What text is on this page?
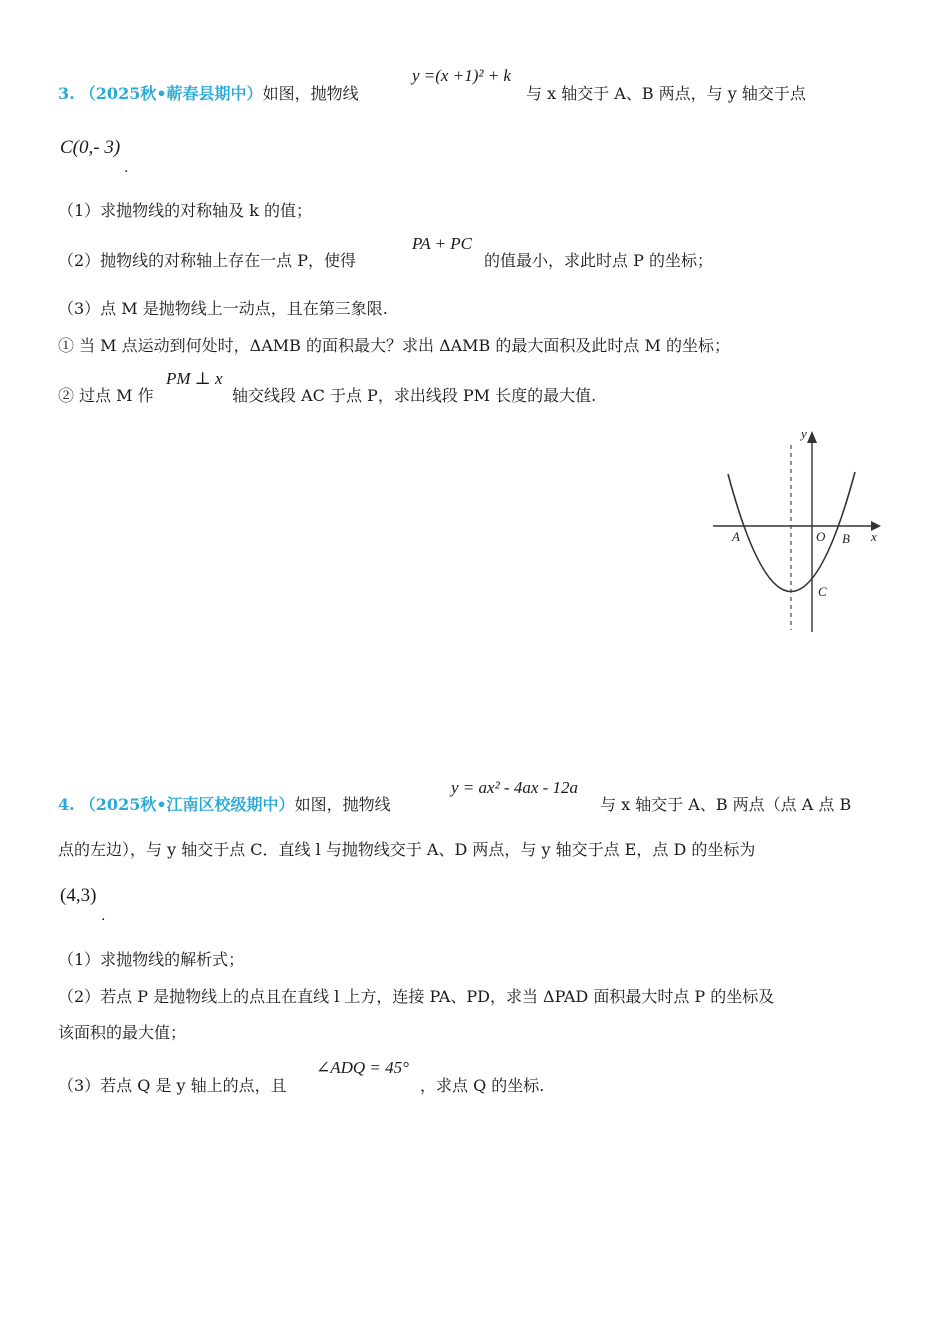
3. （2025秋•蕲春县期中）如图，抛物线
y =(x +1)² + k
与 x 轴交于 A、B 两点，与 y 轴交于点
C(0,- 3)
.
（1）求抛物线的对称轴及 k 的值；
（2）抛物线的对称轴上存在一点 P，使得
PA + PC
的值最小，求此时点 P 的坐标；
（3）点 M 是抛物线上一动点，且在第三象限.
① 当 M 点运动到何处时，ΔAMB 的面积最大？求出 ΔAMB 的最大面积及此时点 M 的坐标；
② 过点 M 作
PM ⊥ x
轴交线段 AC 于点 P，求出线段 PM 长度的最大值.
y
x
A	O B
C
4. （2025秋•江南区校级期中）如图，抛物线
y = ax² - 4ax - 12a
与 x 轴交于 A、B 两点（点 A 点 B
点的左边），与 y 轴交于点 C．直线 l 与抛物线交于 A、D 两点，与 y 轴交于点 E，点 D 的坐标为
(4,3)
.
（1）求抛物线的解析式；
（2）若点 P 是抛物线上的点且在直线 l 上方，连接 PA、PD，求当 ΔPAD 面积最大时点 P 的坐标及
该面积的最大值；
（3）若点 Q 是 y 轴上的点，且
∠ADQ = 45°
，求点 Q 的坐标.
